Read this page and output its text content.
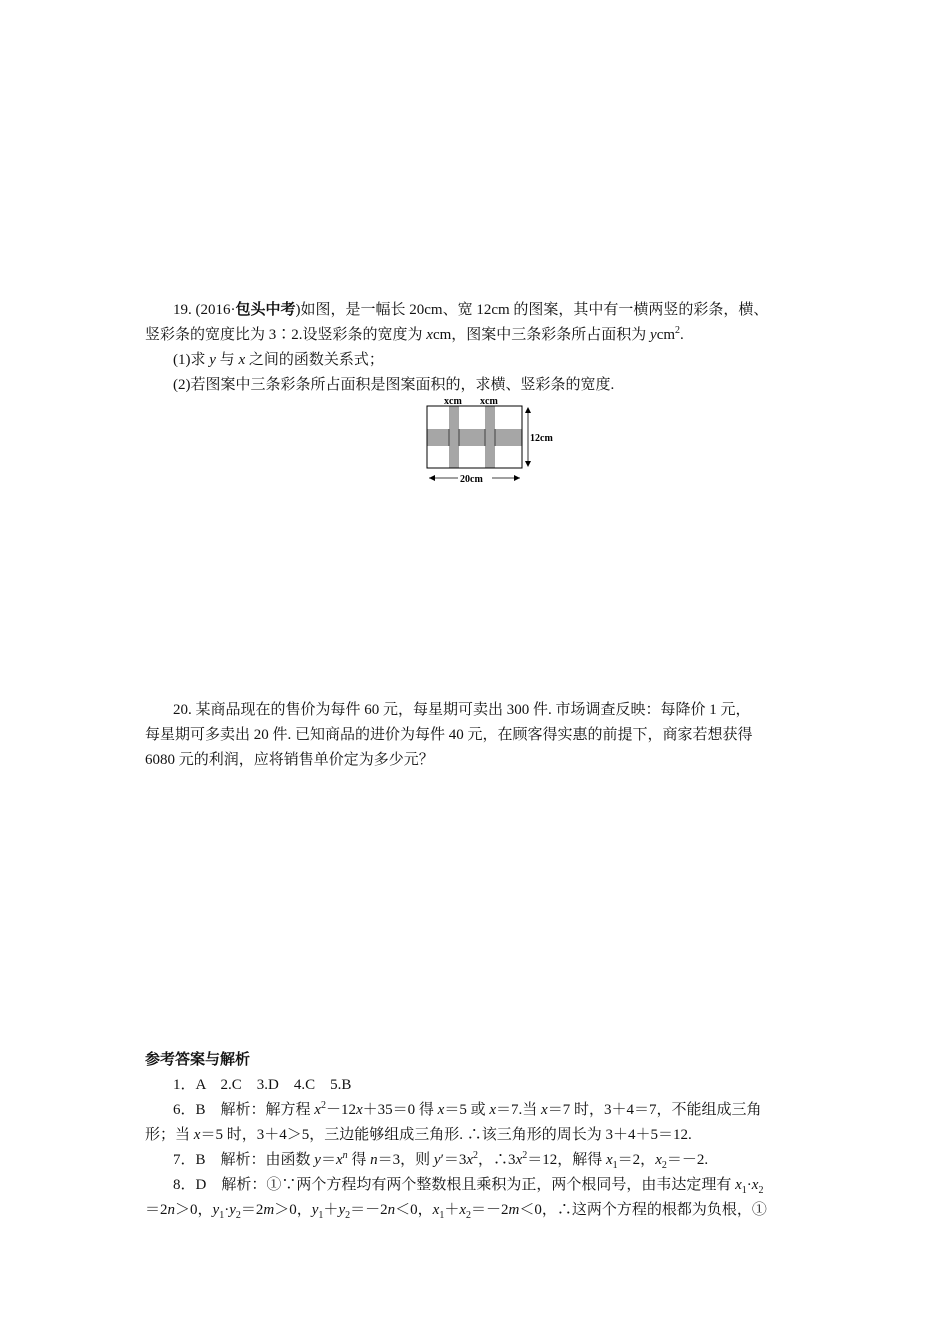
19. (2016·包头中考)如图，是一幅长 20cm、宽 12cm 的图案，其中有一横两竖的彩条，横、
竖彩条的宽度比为 3∶2.设竖彩条的宽度为 xcm，图案中三条彩条所占面积为 ycm$^2$.
(1)求 y 与 x 之间的函数关系式；
(2)若图案中三条彩条所占面积是图案面积的，求横、竖彩条的宽度.
xcm xcm
12cm
20cm
20. 某商品现在的售价为每件 60 元，每星期可卖出 300 件. 市场调查反映：每降价 1 元，
每星期可多卖出 20 件. 已知商品的进价为每件 40 元，在顾客得实惠的前提下，商家若想获得
6080 元的利润，应将销售单价定为多少元？
参考答案与解析
1．A　2.C　3.D　4.C　5.B
6．B　解析：解方程 $x^2-12x+35=0$ 得 x＝5 或 x＝7.当 x＝7 时，3＋4＝7，不能组成三角
形；当 x＝5 时，3＋4＞5，三边能够组成三角形. ∴该三角形的周长为 3＋4＋5＝12.
7．B　解析：由函数 $y=x^n$ 得 n＝3，则 $y'=3x^2$，$\therefore 3x^2=12$，解得 $x_1=2$，$x_2=-2$.
8．D　解析：①∵两个方程均有两个整数根且乘积为正，两个根同号，由韦达定理有 $x_1\cdot x_2$
＝2n＞0，$y_1\cdot y_2=2m>0$，$y_1+y_2=-2n<0$，$x_1+x_2=-2m<0$，∴这两个方程的根都为负根，①
